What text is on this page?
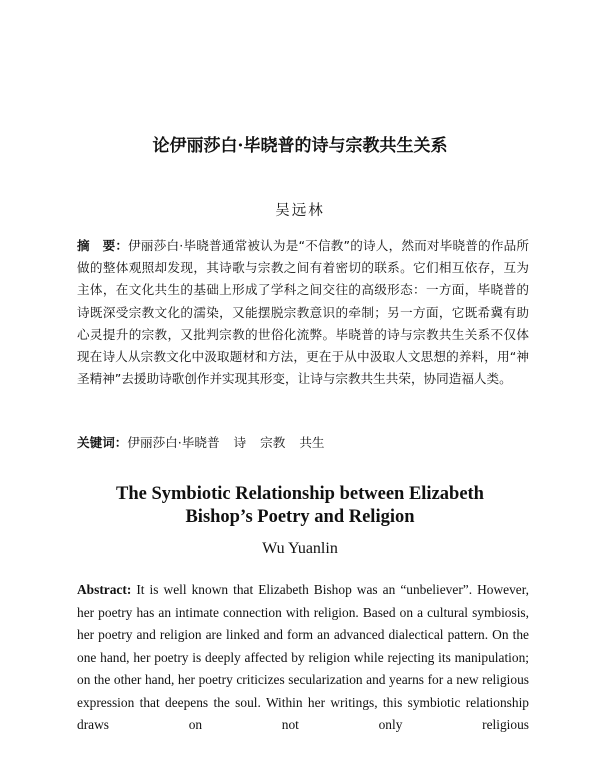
论伊丽莎白·毕晓普的诗与宗教共生关系
吴远林

摘　要：伊丽莎白·毕晓普通常被认为是“不信教”的诗人，然而对毕晓普的作品所做的整体观照却发现，其诗歌与宗教之间有着密切的联系。它们相互依存，互为主体，在文化共生的基础上形成了学科之间交往的高级形态：一方面，毕晓普的诗既深受宗教文化的濡染，又能摆脱宗教意识的牵制；另一方面，它既希冀有助心灵提升的宗教，又批判宗教的世俗化流弊。毕晓普的诗与宗教共生关系不仅体现在诗人从宗教文化中汲取题材和方法，更在于从中汲取人文思想的养料，用“神圣精神”去援助诗歌创作并实现其形变，让诗与宗教共生共荣，协同造福人类。

关键词：伊丽莎白·毕晓普 诗 宗教 共生

The Symbiotic Relationship between Elizabeth
Bishop’s Poetry and Religion
Wu Yuanlin

Abstract: It is well known that Elizabeth Bishop was an “unbeliever”. However, her poetry has an intimate connection with religion. Based on a cultural symbiosis, her poetry and religion are linked and form an advanced dialectical pattern. On the one hand, her poetry is deeply affected by religion while rejecting its manipulation; on the other hand, her poetry criticizes secularization and yearns for a new religious expression that deepens the soul. Within her writings, this symbiotic relationship draws on not only religious
